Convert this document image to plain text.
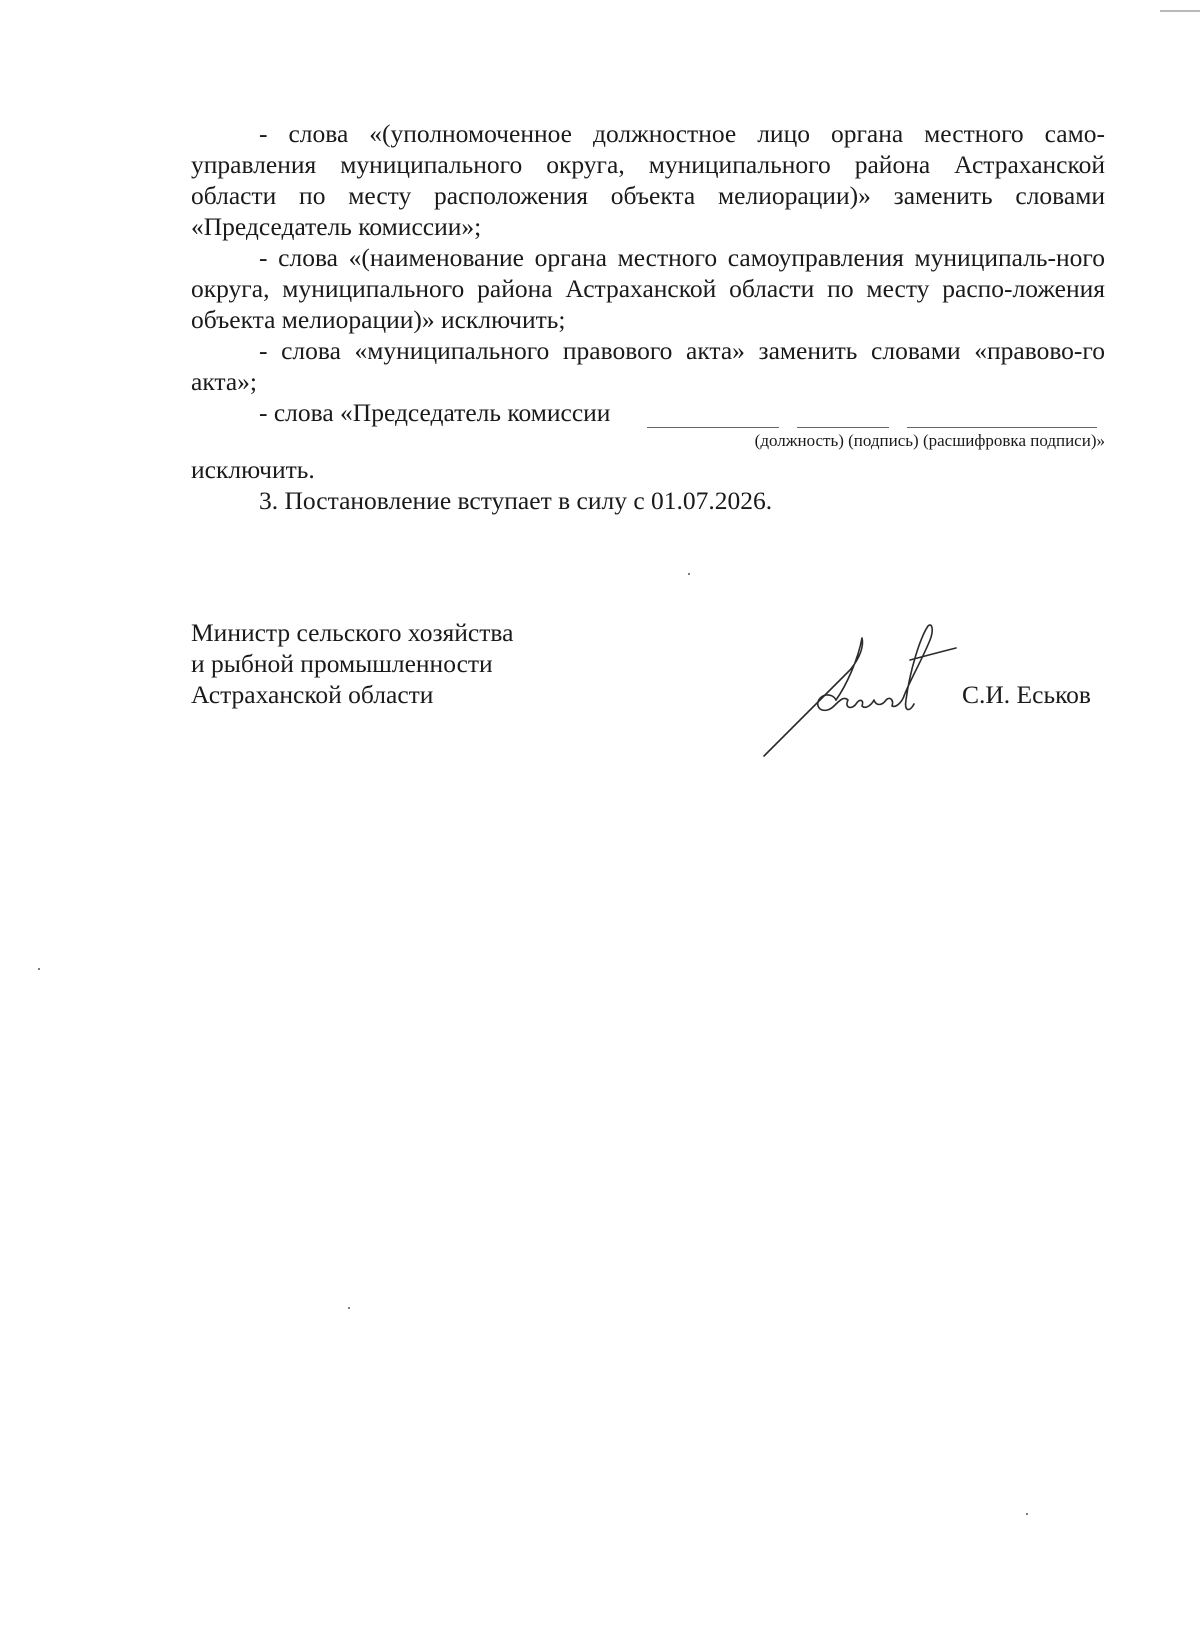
- слова «(уполномоченное должностное лицо органа местного само-управления муниципального округа, муниципального района Астраханской области по месту расположения объекта мелиорации)» заменить словами «Председатель комиссии»;

- слова «(наименование органа местного самоуправления муниципаль-ного округа, муниципального района Астраханской области по месту распо-ложения объекта мелиорации)» исключить;

- слова «муниципального правового акта» заменить словами «правово-го акта»;

- слова «Председатель комиссии

(должность) (подпись) (расшифровка подписи)»

исключить.

3. Постановление вступает в силу с 01.07.2026.

Министр сельского хозяйства
и рыбной промышленности
Астраханской области	С.И. Еськов
